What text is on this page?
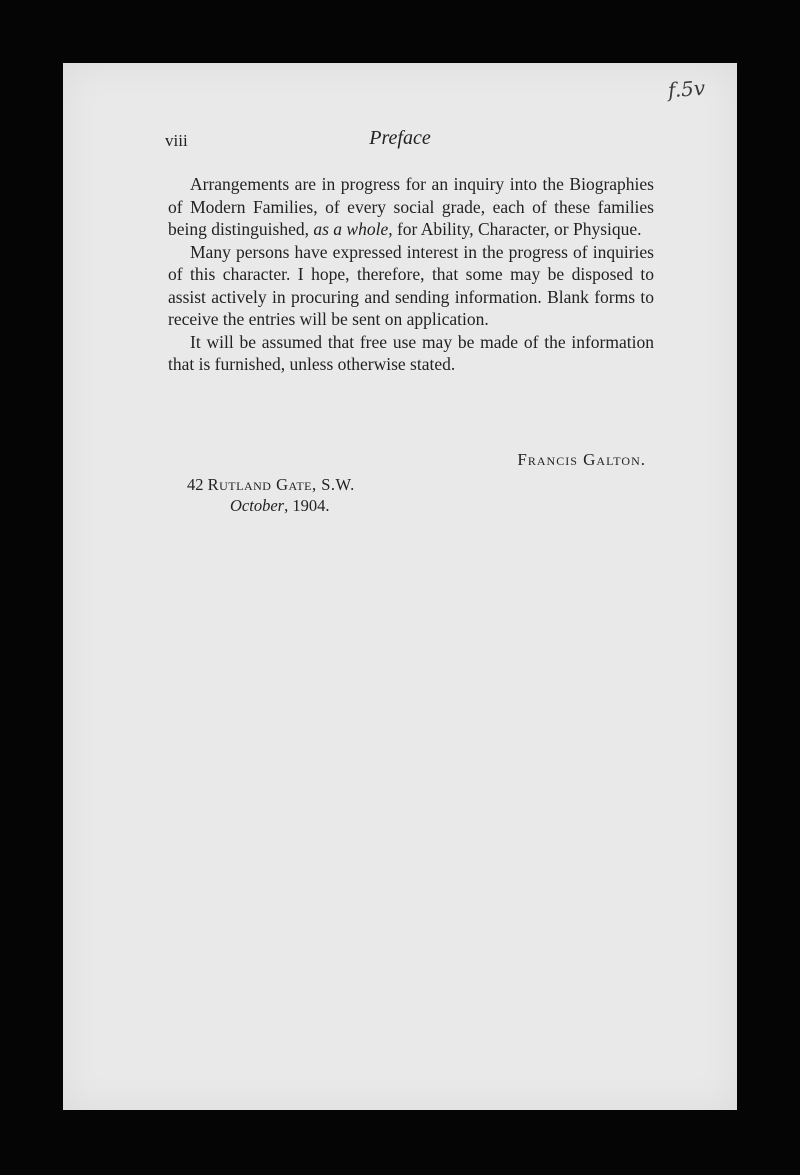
f.5v
viii	Preface

Arrangements are in progress for an inquiry into the Biographies of Modern Families, of every social grade, each of these families being distinguished, as a whole, for Ability, Character, or Physique.

Many persons have expressed interest in the progress of inquiries of this character. I hope, therefore, that some may be disposed to assist actively in procuring and sending information. Blank forms to receive the entries will be sent on application.

It will be assumed that free use may be made of the information that is furnished, unless otherwise stated.

Francis Galton.
42 Rutland Gate, S.W.
October, 1904.
